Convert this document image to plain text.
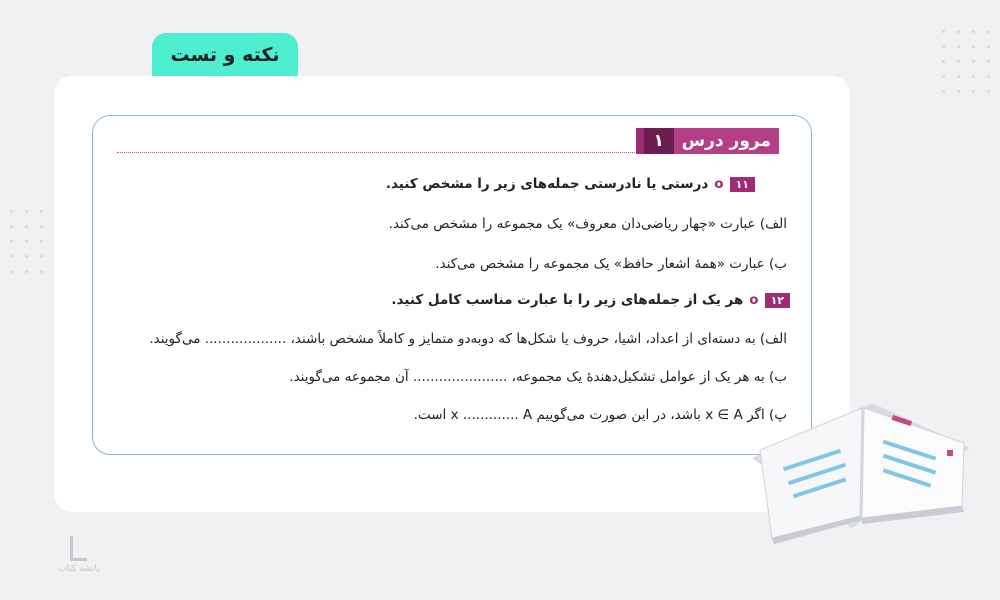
نکته و تست
مرور درس
۱
۱۱oدرستی یا نادرستی جمله‌های زیر را مشخص کنید.
الف) عبارت «چهار ریاضی‌دان معروف» یک مجموعه را مشخص می‌کند.
ب) عبارت «همهٔ اشعار حافظ» یک مجموعه را مشخص می‌کند.
۱۲oهر یک از جمله‌های زیر را با عبارت مناسب کامل کنید.
الف) به دسته‌ای از اعداد، اشیا، حروف یا شکل‌ها که دوبه‌دو متمایز و کاملاً مشخص باشند، ................... می‌گویند.
ب) به هر یک از عوامل تشکیل‌دهندهٔ یک مجموعه، ...................... آن مجموعه می‌گویند.
پ) اگر x ∈ A باشد، در این صورت می‌گوییم x ............. A است.
پاتشه کتاب
